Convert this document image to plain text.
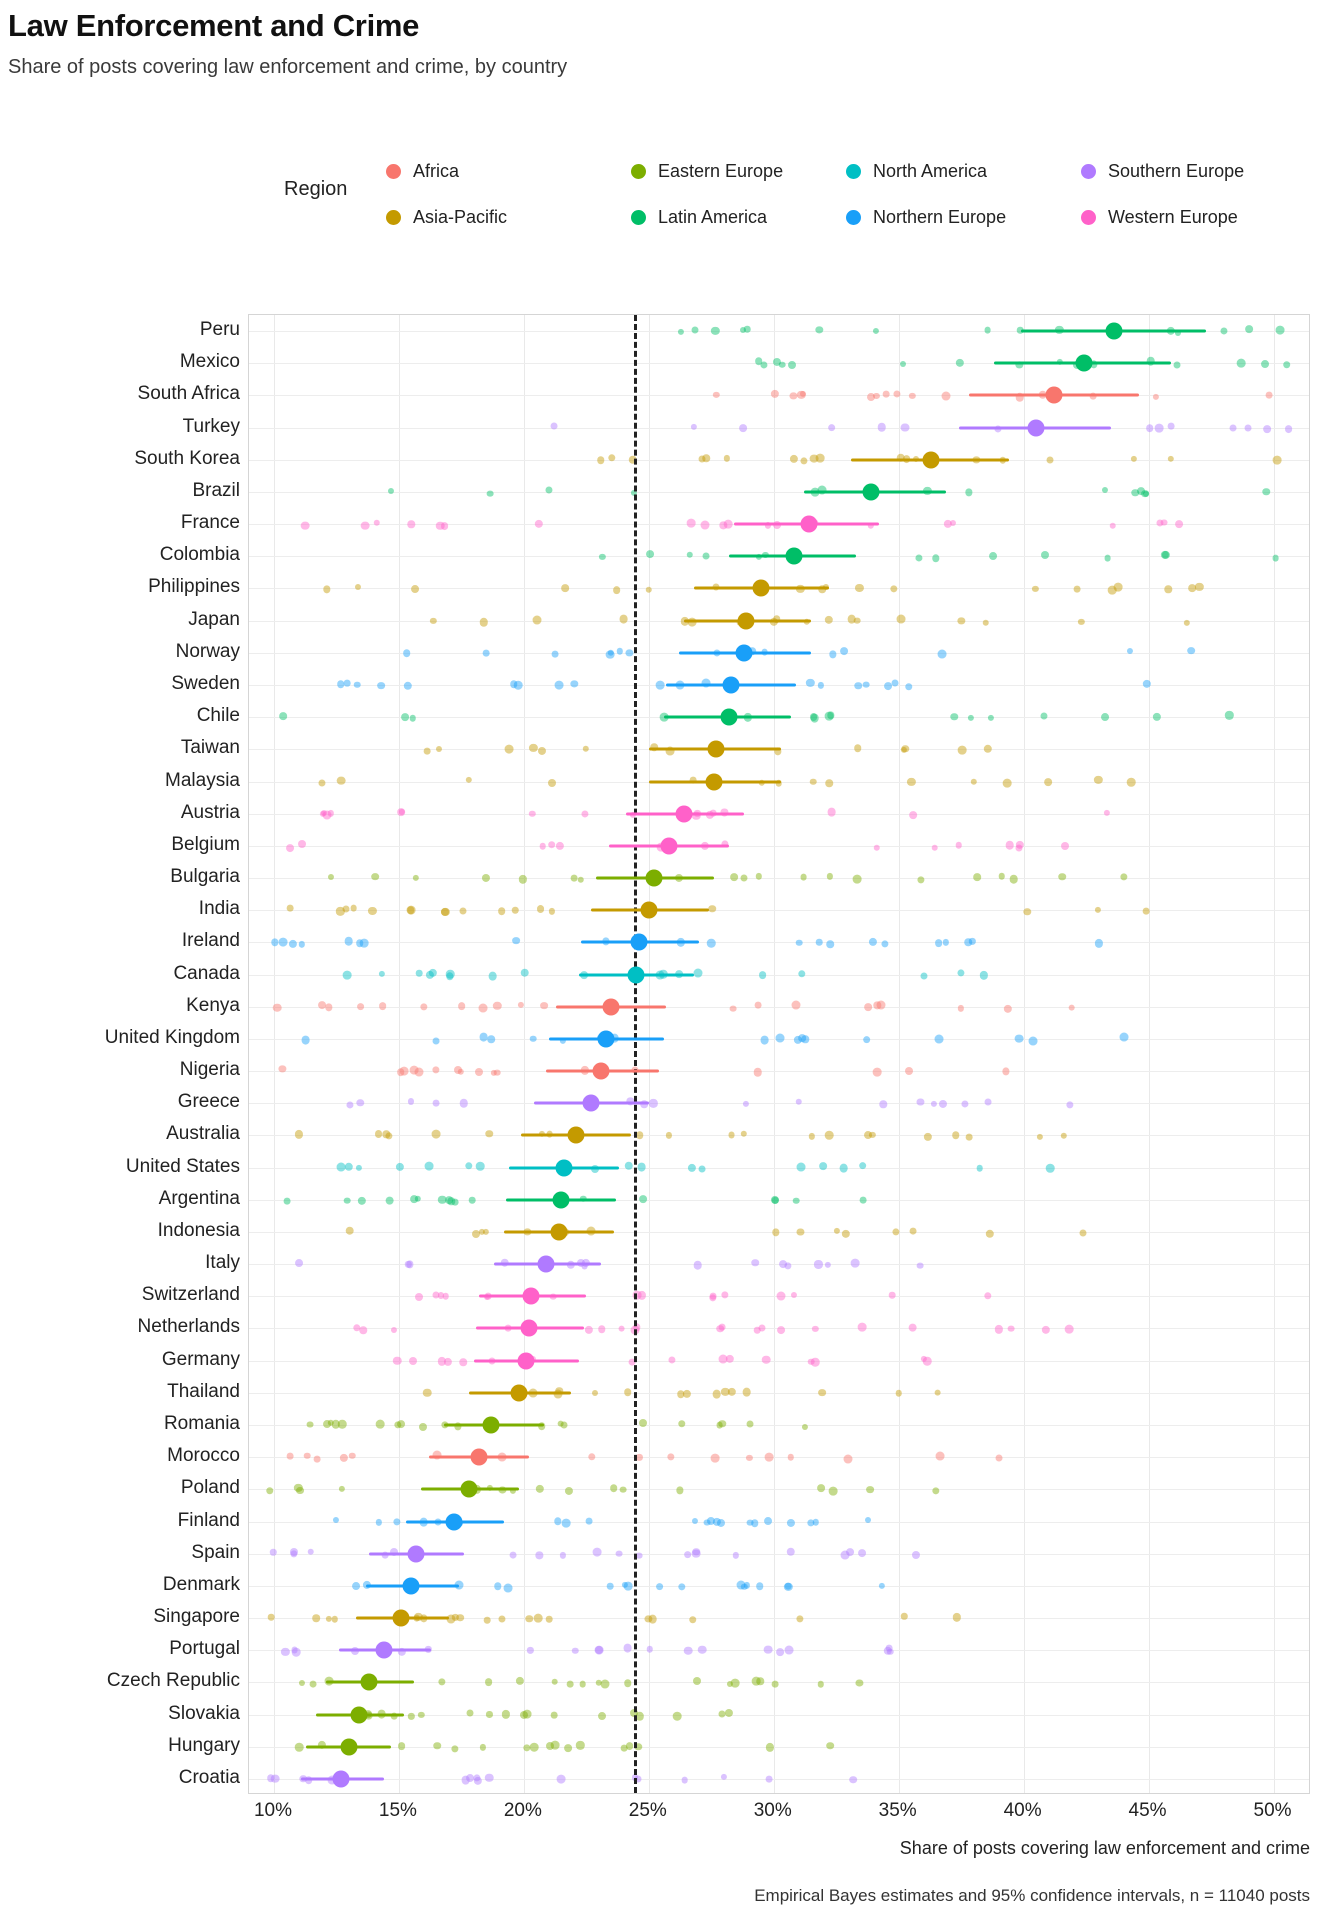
Law Enforcement and Crime
Share of posts covering law enforcement and crime, by country
Region
Africa	Eastern Europe	North America	Southern Europe
Asia-Pacific	Latin America	Northern Europe	Western Europe
Peru
Mexico
South Africa
Turkey
South Korea
Brazil
France
Colombia
Philippines
Japan
Norway
Sweden
Chile
Taiwan
Malaysia
Austria
Belgium
Bulgaria
India
Ireland
Canada
Kenya
United Kingdom
Nigeria
Greece
Australia
United States
Argentina
Indonesia
Italy
Switzerland
Netherlands
Germany
Thailand
Romania
Morocco
Poland
Finland
Spain
Denmark
Singapore
Portugal
Czech Republic
Slovakia
Hungary
Croatia
10%	15%	20%	25%	30%	35%	40%	45%	50%
Share of posts covering law enforcement and crime
Empirical Bayes estimates and 95% confidence intervals, n = 11040 posts
